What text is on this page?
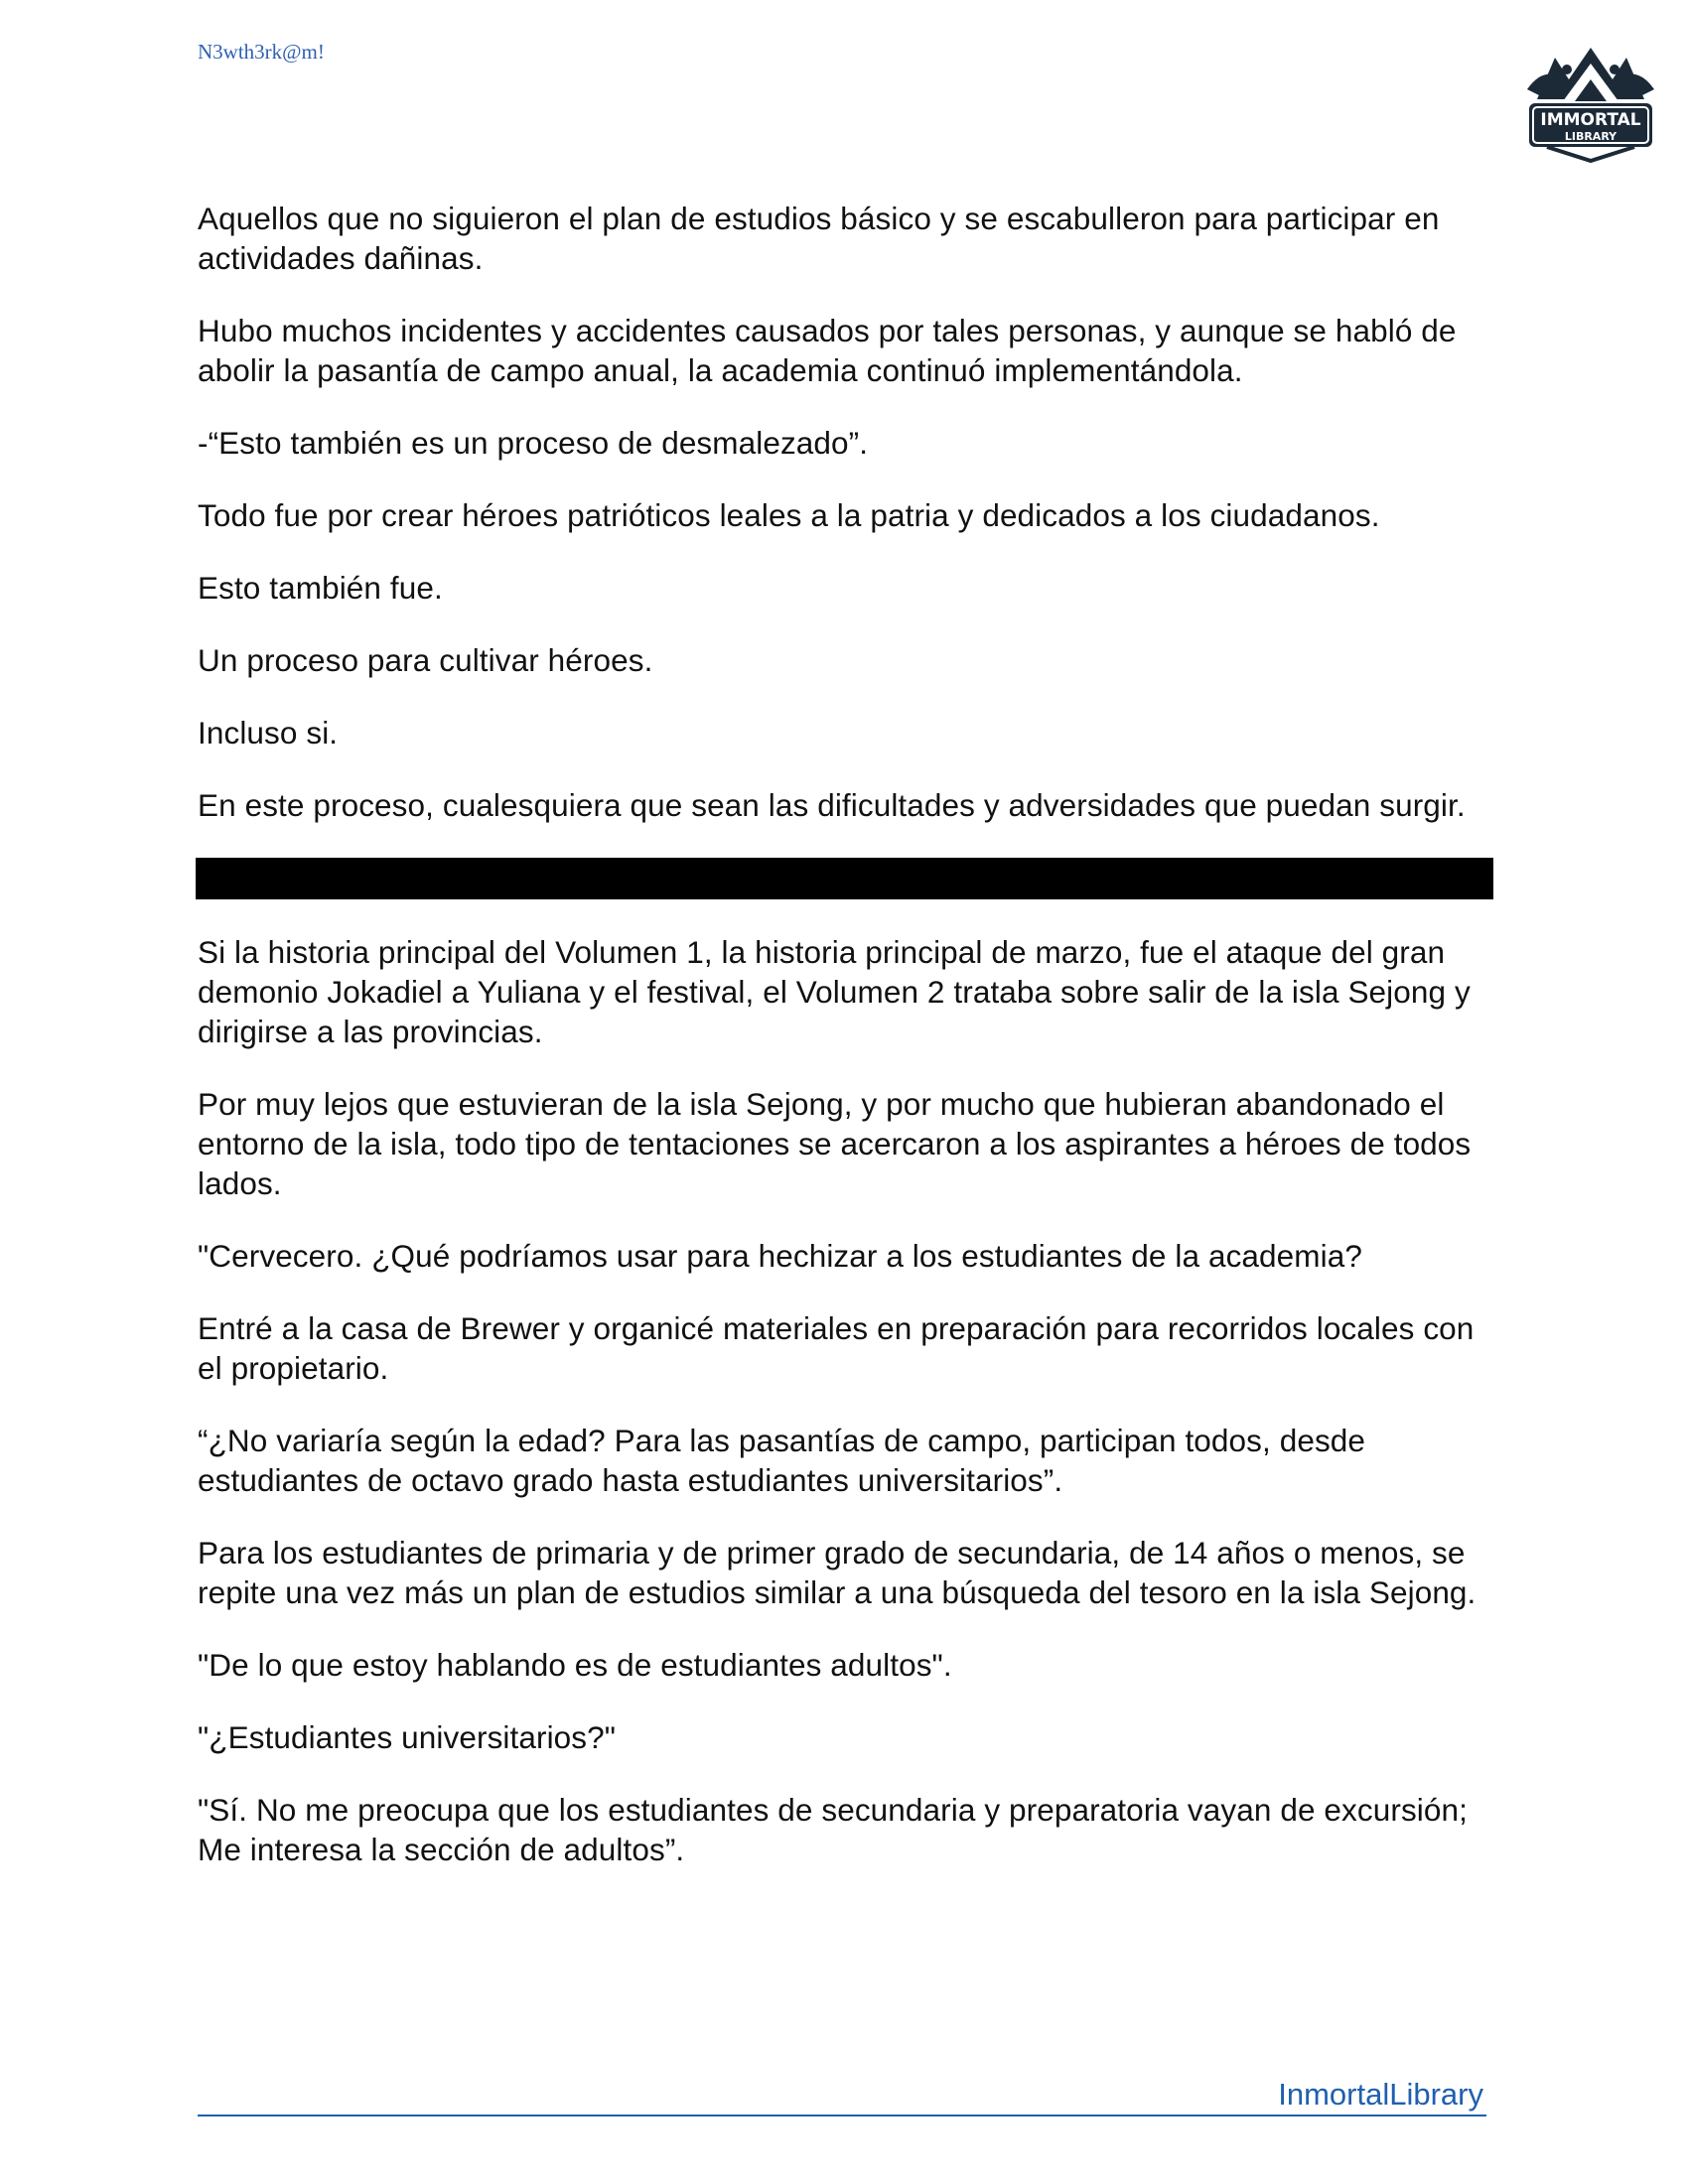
N3wth3rk@m!
IMMORTAL
LIBRARY

Aquellos que no siguieron el plan de estudios básico y se escabulleron para participar en actividades dañinas.

Hubo muchos incidentes y accidentes causados por tales personas, y aunque se habló de abolir la pasantía de campo anual, la academia continuó implementándola.

-“Esto también es un proceso de desmalezado”.

Todo fue por crear héroes patrióticos leales a la patria y dedicados a los ciudadanos.

Esto también fue.

Un proceso para cultivar héroes.

Incluso si.

En este proceso, cualesquiera que sean las dificultades y adversidades que puedan surgir.

Si la historia principal del Volumen 1, la historia principal de marzo, fue el ataque del gran demonio Jokadiel a Yuliana y el festival, el Volumen 2 trataba sobre salir de la isla Sejong y dirigirse a las provincias.

Por muy lejos que estuvieran de la isla Sejong, y por mucho que hubieran abandonado el entorno de la isla, todo tipo de tentaciones se acercaron a los aspirantes a héroes de todos lados.

"Cervecero. ¿Qué podríamos usar para hechizar a los estudiantes de la academia?

Entré a la casa de Brewer y organicé materiales en preparación para recorridos locales con el propietario.

“¿No variaría según la edad? Para las pasantías de campo, participan todos, desde estudiantes de octavo grado hasta estudiantes universitarios”.

Para los estudiantes de primaria y de primer grado de secundaria, de 14 años o menos, se repite una vez más un plan de estudios similar a una búsqueda del tesoro en la isla Sejong.

"De lo que estoy hablando es de estudiantes adultos".

"¿Estudiantes universitarios?"

"Sí. No me preocupa que los estudiantes de secundaria y preparatoria vayan de excursión; Me interesa la sección de adultos”.

InmortalLibrary
